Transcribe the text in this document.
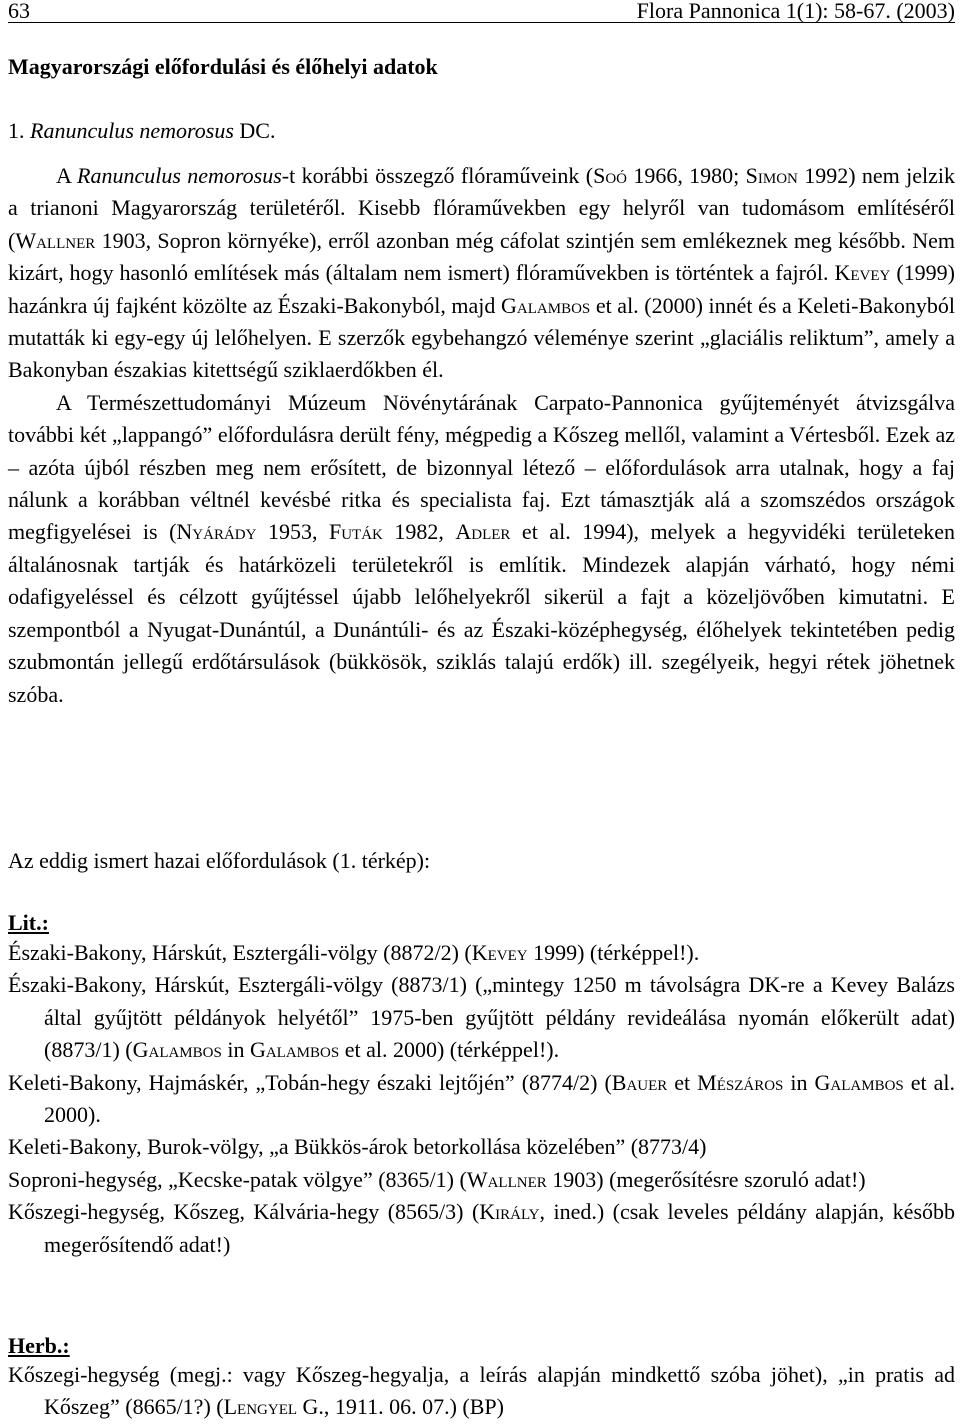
63	Flora Pannonica 1(1): 58-67. (2003)
Magyarországi előfordulási és élőhelyi adatok
1. Ranunculus nemorosus DC.

A Ranunculus nemorosus-t korábbi összegző flóraműveink (Soó 1966, 1980; Simon 1992) nem jelzik a trianoni Magyarország területéről. Kisebb flóraművekben egy helyről van tudomásom említéséről (Wallner 1903, Sopron környéke), erről azonban még cáfolat szintjén sem emlékeznek meg később. Nem kizárt, hogy hasonló említések más (általam nem ismert) flóraművekben is történtek a fajról. Kevey (1999) hazánkra új fajként közölte az Északi-Bakonyból, majd Galambos et al. (2000) innét és a Keleti-Bakonyból mutatták ki egy-egy új lelőhelyen. E szerzők egybehangzó véleménye szerint „glaciális reliktum”, amely a Bakonyban északias kitettségű sziklaerdőkben él.

A Természettudományi Múzeum Növénytárának Carpato-Pannonica gyűjteményét átvizsgálva további két „lappangó” előfordulásra derült fény, mégpedig a Kőszeg mellől, valamint a Vértesből. Ezek az – azóta újból részben meg nem erősített, de bizonnyal létező – előfordulások arra utalnak, hogy a faj nálunk a korábban véltnél kevésbé ritka és specialista faj. Ezt támasztják alá a szomszédos országok megfigyelései is (Nyárády 1953, Futák 1982, Adler et al. 1994), melyek a hegyvidéki területeken általánosnak tartják és határközeli területekről is említik. Mindezek alapján várható, hogy némi odafigyeléssel és célzott gyűjtéssel újabb lelőhelyekről sikerül a fajt a közeljövőben kimutatni. E szempontból a Nyugat-Dunántúl, a Dunántúli- és az Északi-középhegység, élőhelyek tekintetében pedig szubmontán jellegű erdőtársulások (bükkösök, sziklás talajú erdők) ill. szegélyeik, hegyi rétek jöhetnek szóba.

Az eddig ismert hazai előfordulások (1. térkép):
Lit.:
Északi-Bakony, Hárskút, Esztergáli-völgy (8872/2) (Kevey 1999) (térképpel!).
Északi-Bakony, Hárskút, Esztergáli-völgy (8873/1) („mintegy 1250 m távolságra DK-re a Kevey Balázs által gyűjtött példányok helyétől” 1975-ben gyűjtött példány revideálása nyomán előkerült adat) (8873/1) (Galambos in Galambos et al. 2000) (térképpel!).
Keleti-Bakony, Hajmáskér, „Tobán-hegy északi lejtőjén” (8774/2) (Bauer et Mészáros in Galambos et al. 2000).
Keleti-Bakony, Burok-völgy, „a Bükkös-árok betorkollása közelében” (8773/4)
Soproni-hegység, „Kecske-patak völgye” (8365/1) (Wallner 1903) (megerősítésre szoruló adat!)
Kőszegi-hegység, Kőszeg, Kálvária-hegy (8565/3) (Király, ined.) (csak leveles példány alapján, később megerősítendő adat!)
Herb.:
Kőszegi-hegység (megj.: vagy Kőszeg-hegyalja, a leírás alapján mindkettő szóba jöhet), „in pratis ad Kőszeg” (8665/1?) (Lengyel G., 1911. 06. 07.) (BP)
